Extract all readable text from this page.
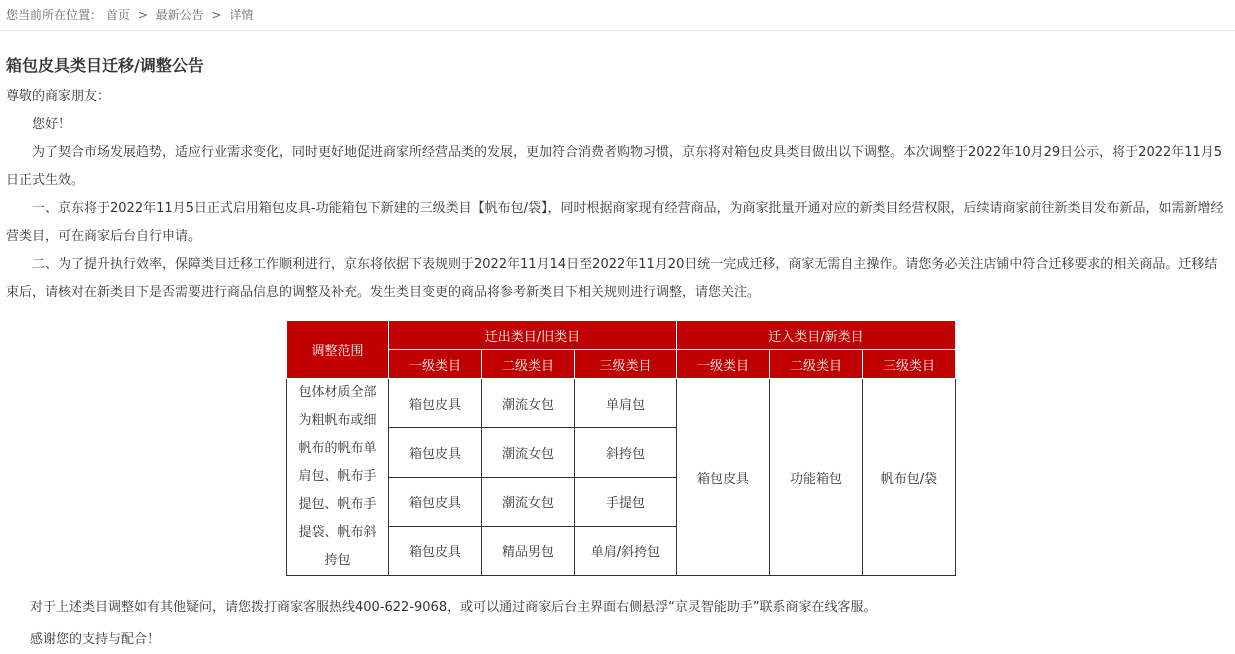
您当前所在位置： 首页 > 最新公告 > 详情
箱包皮具类目迁移/调整公告

尊敬的商家朋友：

您好！

为了契合市场发展趋势，适应行业需求变化，同时更好地促进商家所经营品类的发展，更加符合消费者购物习惯，京东将对箱包皮具类目做出以下调整。本次调整于2022年10月29日公示，将于2022年11月5日正式生效。

一、京东将于2022年11月5日正式启用箱包皮具-功能箱包下新建的三级类目【帆布包/袋】，同时根据商家现有经营商品，为商家批量开通对应的新类目经营权限，后续请商家前往新类目发布新品，如需新增经营类目，可在商家后台自行申请。

二、为了提升执行效率，保障类目迁移工作顺利进行，京东将依据下表规则于2022年11月14日至2022年11月20日统一完成迁移，商家无需自主操作。请您务必关注店铺中符合迁移要求的相关商品。迁移结束后，请核对在新类目下是否需要进行商品信息的调整及补充。发生类目变更的商品将参考新类目下相关规则进行调整，请您关注。

调整范围	迁出类目/旧类目			迁入类目/新类目		
	一级类目	二级类目	三级类目	一级类目	二级类目	三级类目
包体材质全部为粗帆布或细帆布的帆布单肩包、帆布手提包、帆布手提袋、帆布斜挎包	箱包皮具	潮流女包	单肩包	箱包皮具	功能箱包	帆布包/袋
	箱包皮具	潮流女包	斜挎包			
	箱包皮具	潮流女包	手提包			
	箱包皮具	精品男包	单肩/斜挎包			

对于上述类目调整如有其他疑问，请您拨打商家客服热线400-622-9068，或可以通过商家后台主界面右侧悬浮“京灵智能助手”联系商家在线客服。

感谢您的支持与配合！
